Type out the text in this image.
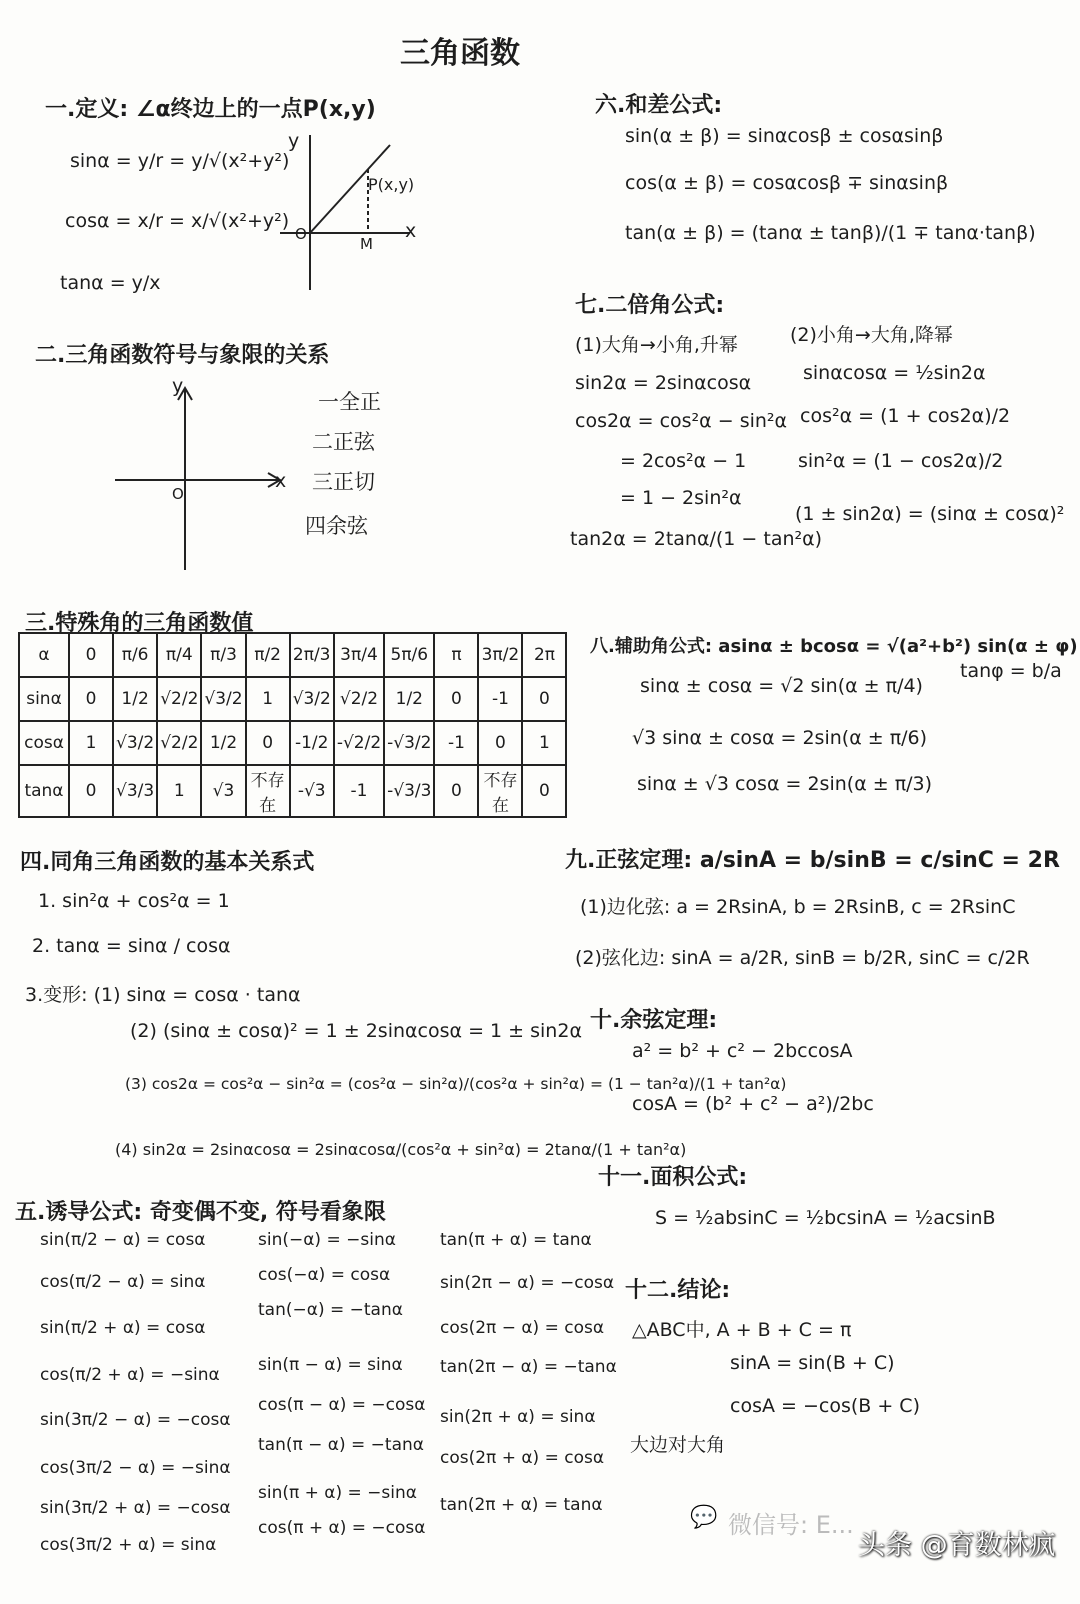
三角函数
一.定义: ∠α终边上的一点P(x,y)
sinα = y/r = y/√(x²+y²)
cosα = x/r = x/√(x²+y²)
tanα = y/x
y
x
O
M
P(x,y)
二.三角函数符号与象限的关系
y
x
O
一全正
二正弦
三正切
四余弦
三.特殊角的三角函数值
α	0	π/6	π/4	π/3	π/2	2π/3	3π/4	5π/6	π	3π/2	2π
sinα	0	1/2	√2/2	√3/2	1	√3/2	√2/2	1/2	0	-1	0
cosα	1	√3/2	√2/2	1/2	0	-1/2	-√2/2	-√3/2	-1	0	1
tanα	0	√3/3	1	√3	不存在	-√3	-1	-√3/3	0	不存在	0
四.同角三角函数的基本关系式
1. sin²α + cos²α = 1
2. tanα = sinα / cosα
3.变形: (1) sinα = cosα · tanα
(2) (sinα ± cosα)² = 1 ± 2sinαcosα = 1 ± sin2α
(3) cos2α = cos²α − sin²α = (cos²α − sin²α)/(cos²α + sin²α) = (1 − tan²α)/(1 + tan²α)
(4) sin2α = 2sinαcosα = 2sinαcosα/(cos²α + sin²α) = 2tanα/(1 + tan²α)
五.诱导公式: 奇变偶不变, 符号看象限
sin(π/2 − α) = cosα
cos(π/2 − α) = sinα
sin(π/2 + α) = cosα
cos(π/2 + α) = −sinα
sin(3π/2 − α) = −cosα
cos(3π/2 − α) = −sinα
sin(3π/2 + α) = −cosα
cos(3π/2 + α) = sinα
sin(−α) = −sinα
cos(−α) = cosα
tan(−α) = −tanα
sin(π − α) = sinα
cos(π − α) = −cosα
tan(π − α) = −tanα
sin(π + α) = −sinα
cos(π + α) = −cosα
tan(π + α) = tanα
sin(2π − α) = −cosα
cos(2π − α) = cosα
tan(2π − α) = −tanα
sin(2π + α) = sinα
cos(2π + α) = cosα
tan(2π + α) = tanα
六.和差公式:
sin(α ± β) = sinαcosβ ± cosαsinβ
cos(α ± β) = cosαcosβ ∓ sinαsinβ
tan(α ± β) = (tanα ± tanβ)/(1 ∓ tanα·tanβ)
七.二倍角公式:
(1)大角→小角,升幂
sin2α = 2sinαcosα
cos2α = cos²α − sin²α
= 2cos²α − 1
= 1 − 2sin²α
tan2α = 2tanα/(1 − tan²α)
(2)小角→大角,降幂
sinαcosα = ½sin2α
cos²α = (1 + cos2α)/2
sin²α = (1 − cos2α)/2
(1 ± sin2α) = (sinα ± cosα)²
八.辅助角公式: asinα ± bcosα = √(a²+b²) sin(α ± φ)
tanφ = b/a
sinα ± cosα = √2 sin(α ± π/4)
√3 sinα ± cosα = 2sin(α ± π/6)
sinα ± √3 cosα = 2sin(α ± π/3)
九.正弦定理: a/sinA = b/sinB = c/sinC = 2R
(1)边化弦: a = 2RsinA, b = 2RsinB, c = 2RsinC
(2)弦化边: sinA = a/2R, sinB = b/2R, sinC = c/2R
十.余弦定理:
a² = b² + c² − 2bccosA
cosA = (b² + c² − a²)/2bc
十一.面积公式:
S = ½absinC = ½bcsinA = ½acsinB
十二.结论:
△ABC中, A + B + C = π
sinA = sin(B + C)
cosA = −cos(B + C)
大边对大角
微信号: E...
💬
头条 @育数林疯
